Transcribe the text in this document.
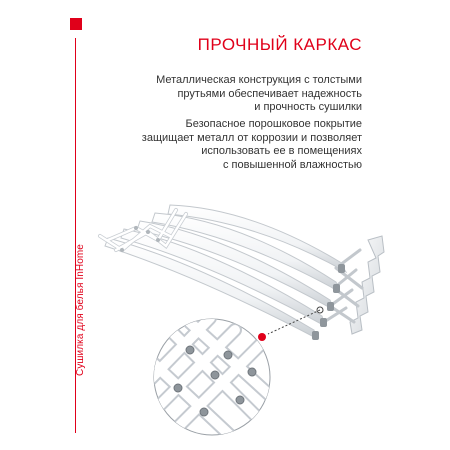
Сушилка для белья InHome
ПРОЧНЫЙ КАРКАС
Металлическая конструкция с толстыми
прутьями обеспечивает надежность
и прочность сушилки
Безопасное порошковое покрытие
защищает металл от коррозии и позволяет
использовать ее в помещениях
с повышенной влажностью
